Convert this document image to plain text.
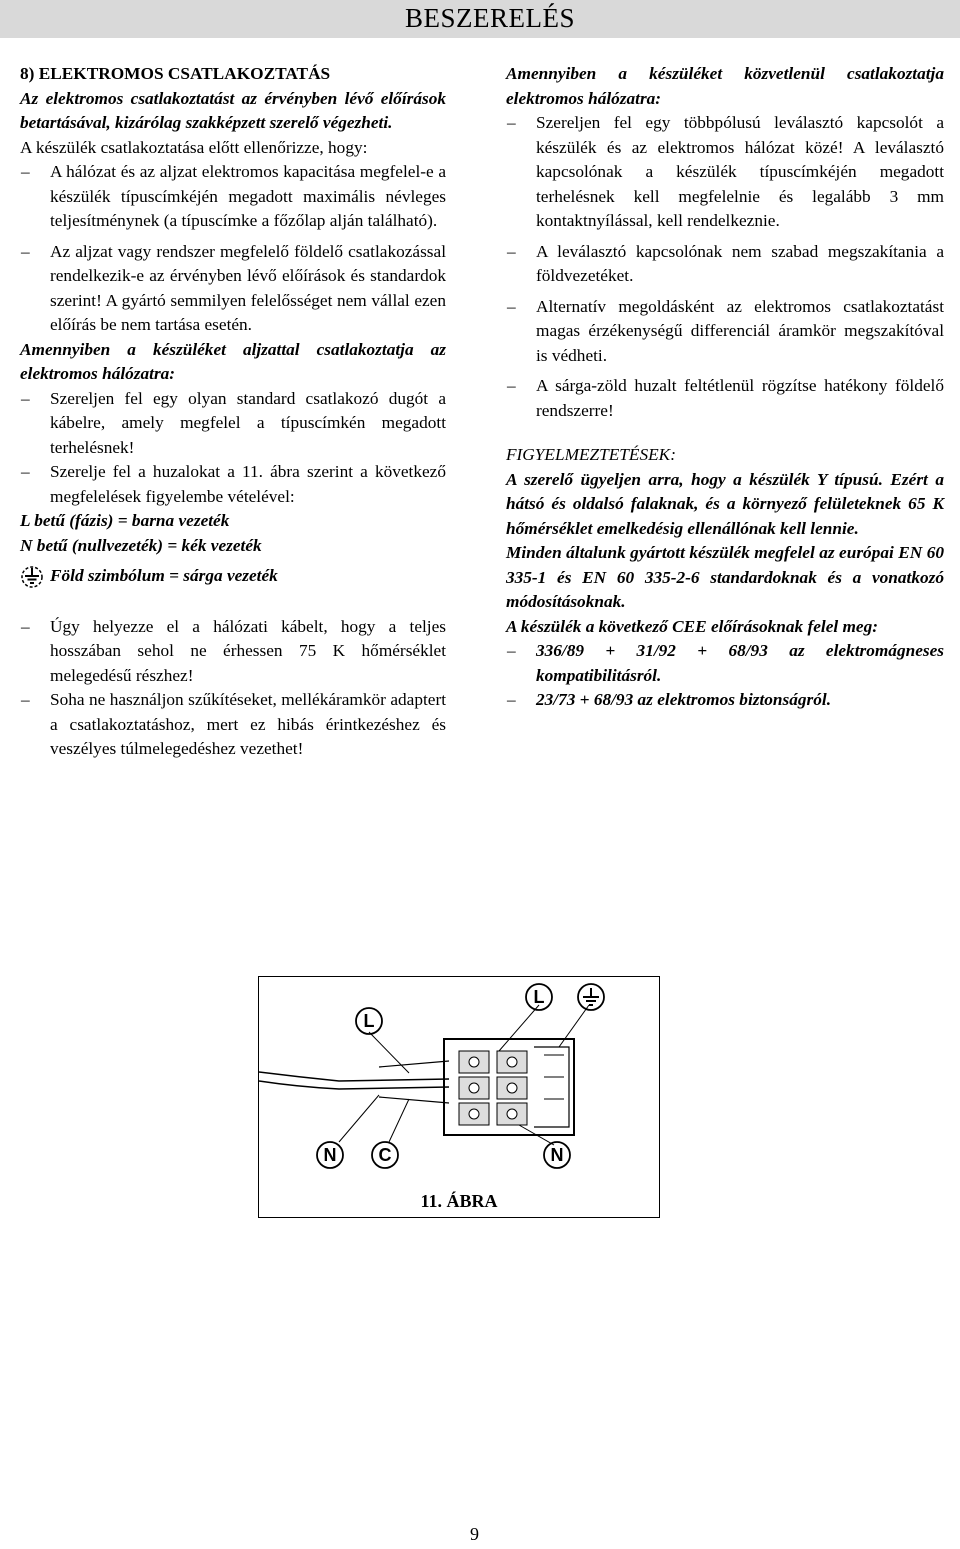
BESZERELÉS

8) ELEKTROMOS CSATLAKOZTATÁS

Az elektromos csatlakoztatást az érvényben lévő előírások betartásával, kizárólag szakképzett szerelő végezheti.

A készülék csatlakoztatása előtt ellenőrizze, hogy:

– A hálózat és az aljzat elektromos kapacitása megfelel-e a készülék típuscímkéjén megadott maximális névleges teljesítménynek (a típuscímke a főzőlap alján található).
– Az aljzat vagy rendszer megfelelő földelő csatlakozással rendelkezik-e az érvényben lévő előírások és standardok szerint! A gyártó semmilyen felelősséget nem vállal ezen előírás be nem tartása esetén.

Amennyiben a készüléket aljzattal csatlakoztatja az elektromos hálózatra:

– Szereljen fel egy olyan standard csatlakozó dugót a kábelre, amely megfelel a típuscímkén megadott terhelésnek!
– Szerelje fel a huzalokat a 11. ábra szerint a következő megfelelések figyelembe vételével:

L betű (fázis) = barna vezeték

N betű (nullvezeték) = kék vezeték

Föld szimbólum = sárga vezeték
– Úgy helyezze el a hálózati kábelt, hogy a teljes hosszában sehol ne érhessen 75 K hőmérséklet melegedésű részhez!
– Soha ne használjon szűkítéseket, mellékáramkör adaptert a csatlakoztatáshoz, mert ez hibás érintkezéshez és veszélyes túlmelegedéshez vezethet!

Amennyiben a készüléket közvetlenül csatlakoztatja elektromos hálózatra:

– Szereljen fel egy többpólusú leválasztó kapcsolót a készülék és az elektromos hálózat közé! A leválasztó kapcsolónak a készülék típuscímkéjén megadott terhelésnek kell megfelelnie és legalább 3 mm kontaktnyílással, kell rendelkeznie.
– A leválasztó kapcsolónak nem szabad megszakítania a földvezetéket.
– Alternatív megoldásként az elektromos csatlakoztatást magas érzékenységű differenciál áramkör megszakítóval is védheti.
– A sárga-zöld huzalt feltétlenül rögzítse hatékony földelő rendszerre!

FIGYELMEZTETÉSEK:

A szerelő ügyeljen arra, hogy a készülék Y típusú. Ezért a hátsó és oldalsó falaknak, és a környező felületeknek 65 K hőmérséklet emelkedésig ellenállónak kell lennie.

Minden általunk gyártott készülék megfelel az európai EN 60 335-1 és EN 60 335-2-6 standardoknak és a vonatkozó módosításoknak.

A készülék a következő CEE előírásoknak felel meg:

– 336/89 + 31/92 + 68/93 az elektromágneses kompatibilitásról.
– 23/73 + 68/93 az elektromos biztonságról.
L
L
N C	N
11. ÁBRA
9
